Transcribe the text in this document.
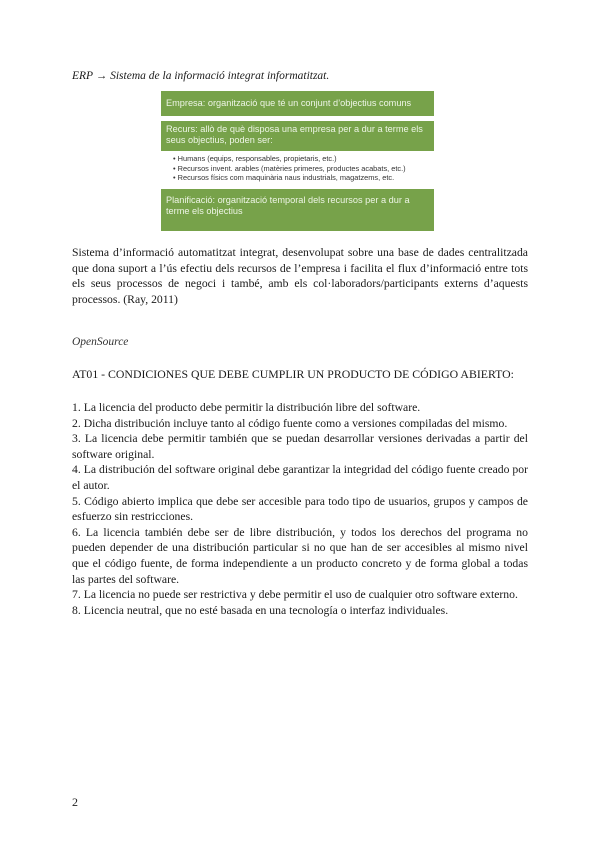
ERP → Sistema de la informació integrat informatitzat.
Empresa: organització que té un conjunt d’objectius comuns
Recurs: allò de què disposa una empresa per a dur a terme els seus objectius, poden ser:
• Humans (equips, responsables, propietaris, etc.)
• Recursos invent. arables (matèries primeres, productes acabats, etc.)
• Recursos físics com maquinària naus industrials, magatzems, etc.
Planificació: organització temporal dels recursos per a dur a terme els objectius
Sistema d’informació automatitzat integrat, desenvolupat sobre una base de dades centralitzada que dona suport a l’ús efectiu dels recursos de l’empresa i facilita el flux d’informació entre tots els seus processos de negoci i també, amb els col·laboradors/participants externs d’aquests processos. (Ray, 2011)
OpenSource
AT01 - CONDICIONES QUE DEBE CUMPLIR UN PRODUCTO DE CÓDIGO ABIERTO:
1. La licencia del producto debe permitir la distribución libre del software.
2. Dicha distribución incluye tanto al código fuente como a versiones compiladas del mismo.
3. La licencia debe permitir también que se puedan desarrollar versiones derivadas a partir del software original.
4. La distribución del software original debe garantizar la integridad del código fuente creado por el autor.
5. Código abierto implica que debe ser accesible para todo tipo de usuarios, grupos y campos de esfuerzo sin restricciones.
6. La licencia también debe ser de libre distribución, y todos los derechos del programa no pueden depender de una distribución particular si no que han de ser accesibles al mismo nivel que el código fuente, de forma independiente a un producto concreto y de forma global a todas las partes del software.
7. La licencia no puede ser restrictiva y debe permitir el uso de cualquier otro software externo.
8. Licencia neutral, que no esté basada en una tecnología o interfaz individuales.
2
